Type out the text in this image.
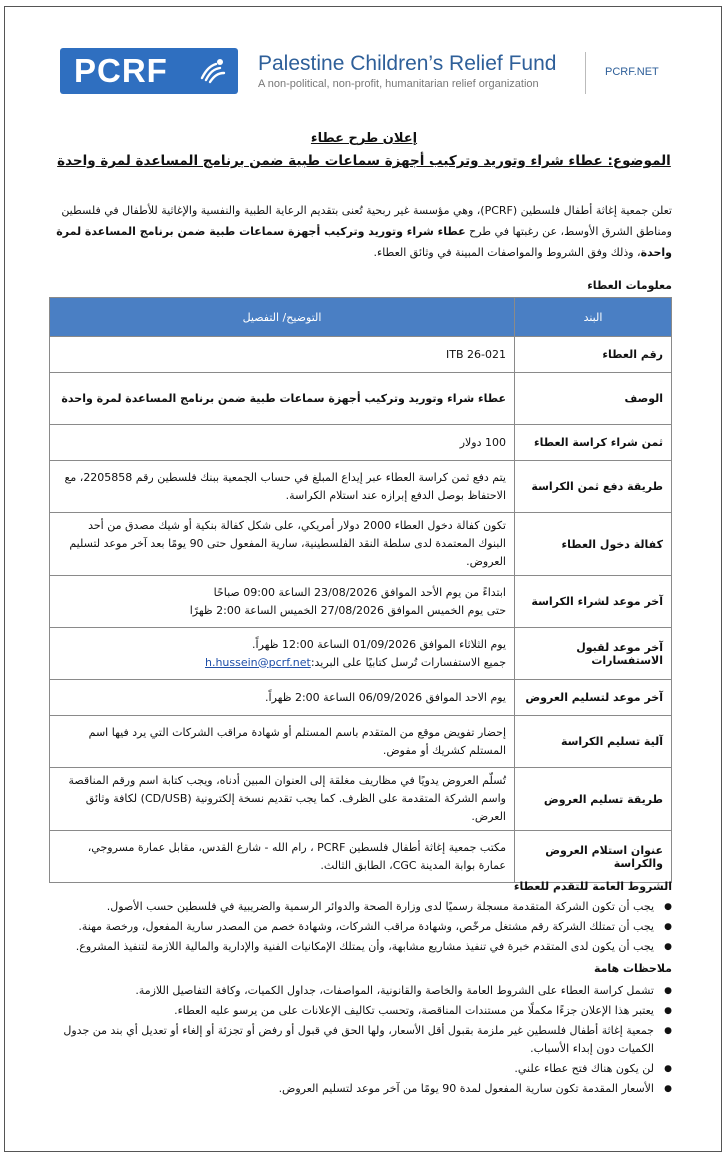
PCRF	Palestine Children’s Relief Fund
A non-political, non-profit, humanitarian relief organization
PCRF.NET
إعلان طرح عطاء
الموضوع: عطاء شراء وتوريد وتركيب أجهزة سماعات طبية ضمن برنامج المساعدة لمرة واحدة
تعلن جمعية إغاثة أطفال فلسطين (PCRF)، وهي مؤسسة غير ربحية تُعنى بتقديم الرعاية الطبية والنفسية والإغاثية للأطفال في فلسطين ومناطق الشرق الأوسط، عن رغبتها في طرح عطاء شراء وتوريد وتركيب أجهزة سماعات طبية ضمن برنامج المساعدة لمرة واحدة، وذلك وفق الشروط والمواصفات المبينة في وثائق العطاء.
معلومات العطاء
البند	التوضيح/ التفصيل
رقم العطاء	ITB 26-021
الوصف	عطاء شراء وتوريد وتركيب أجهزة سماعات طبية ضمن برنامج المساعدة لمرة واحدة
ثمن شراء كراسة العطاء	100 دولار
طريقة دفع ثمن الكراسة	يتم دفع ثمن كراسة العطاء عبر إيداع المبلغ في حساب الجمعية ببنك فلسطين رقم 2205858، مع الاحتفاظ بوصل الدفع إبرازه عند استلام الكراسة.
كفالة دخول العطاء	تكون كفالة دخول العطاء 2000 دولار أمريكي، على شكل كفالة بنكية أو شيك مصدق من أحد البنوك المعتمدة لدى سلطة النقد الفلسطينية، سارية المفعول حتى 90 يومًا بعد آخر موعد لتسليم العروض.
آخر موعد لشراء الكراسة	ابتداءً من يوم الأحد الموافق 23/08/2026 الساعة 09:00 صباحًا
حتى يوم الخميس الموافق 27/08/2026 الخميس الساعة 2:00 ظهرًا

آخر موعد لقبول الاستفسارات	يوم الثلاثاء الموافق 01/09/2026 الساعة 12:00 ظهراً.
جميع الاستفسارات تُرسل كتابيًا على البريد:h.hussein@pcrf.net

آخر موعد لتسليم العروض	يوم الاحد الموافق 06/09/2026 الساعة 2:00 ظهراً.
آلية تسليم الكراسة	إحضار تفويض موقع من المتقدم باسم المستلم أو شهادة مراقب الشركات التي يرد فيها اسم المستلم كشريك أو مفوض.
طريقة تسليم العروض	تُسلّم العروض يدويًا في مظاريف مغلقة إلى العنوان المبين أدناه، ويجب كتابة اسم ورقم المناقصة واسم الشركة المتقدمة على الظرف. كما يجب تقديم نسخة إلكترونية (CD/USB) لكافة وثائق العرض.
عنوان استلام العروض والكراسة	مكتب جمعية إغاثة أطفال فلسطين PCRF ، رام الله - شارع القدس، مقابل عمارة مسروجي، عمارة بوابة المدينة CGC، الطابق الثالث.
الشروط العامة للتقدم للعطاء
● يجب أن تكون الشركة المتقدمة مسجلة رسميًا لدى وزارة الصحة والدوائر الرسمية والضريبية في فلسطين حسب الأصول.
● يجب أن تمتلك الشركة رقم مشتغل مرخّص، وشهادة مراقب الشركات، وشهادة خصم من المصدر سارية المفعول، ورخصة مهنة.
● يجب أن يكون لدى المتقدم خبرة في تنفيذ مشاريع مشابهة، وأن يمتلك الإمكانيات الفنية والإدارية والمالية اللازمة لتنفيذ المشروع.
ملاحظات هامة
● تشمل كراسة العطاء على الشروط العامة والخاصة والقانونية، المواصفات، جداول الكميات، وكافة التفاصيل اللازمة.
● يعتبر هذا الإعلان جزءًا مكملًا من مستندات المناقصة، وتحسب تكاليف الإعلانات على من يرسو عليه العطاء.
● جمعية إغاثة أطفال فلسطين غير ملزمة بقبول أقل الأسعار، ولها الحق في قبول أو رفض أو تجزئة أو إلغاء أو تعديل أي بند من جدول الكميات دون إبداء الأسباب.
● لن يكون هناك فتح عطاء علني.
● الأسعار المقدمة تكون سارية المفعول لمدة 90 يومًا من آخر موعد لتسليم العروض.
